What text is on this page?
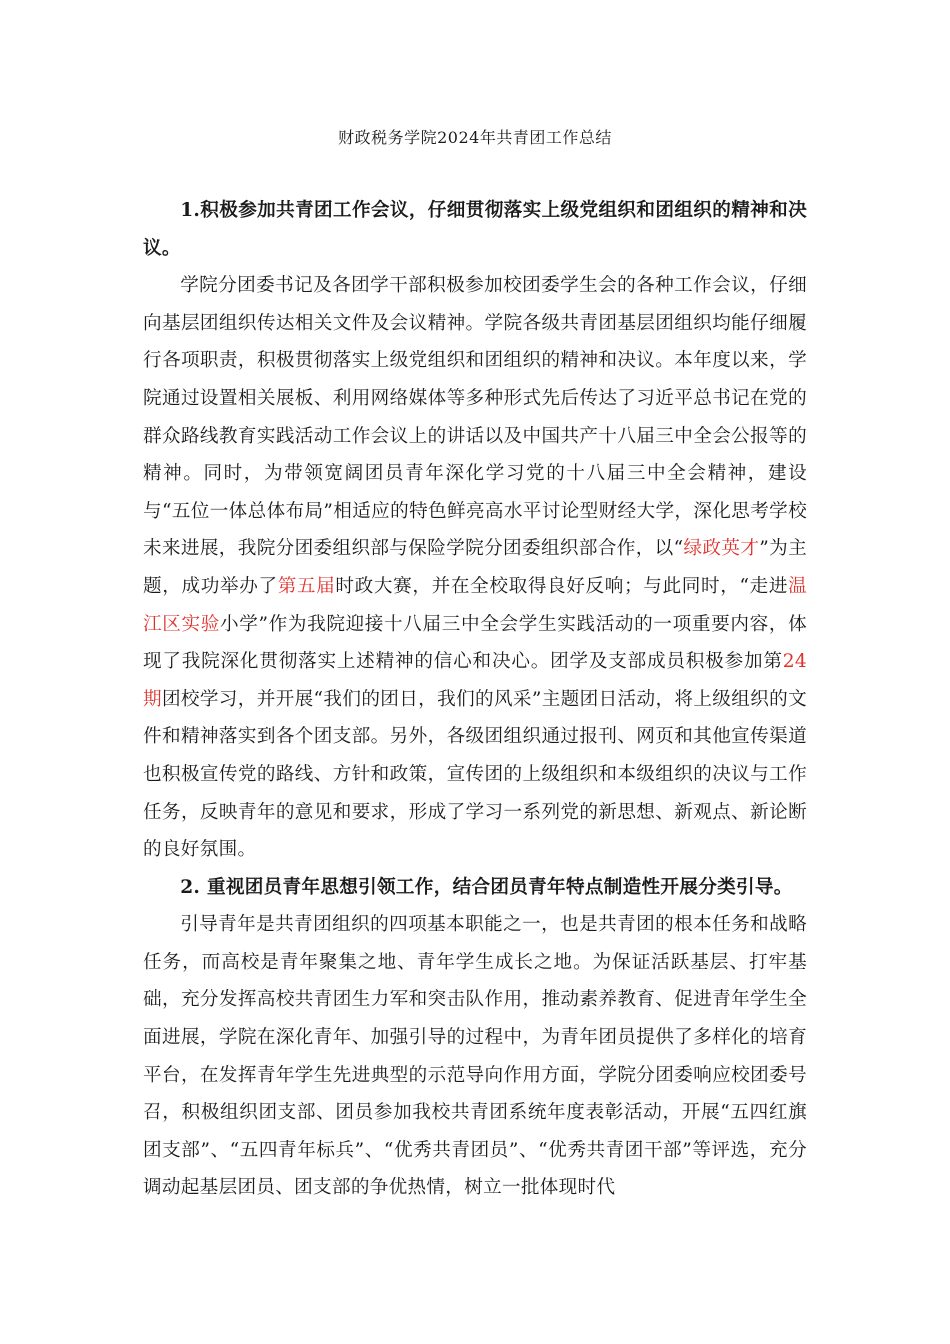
财政税务学院2024年共青团工作总结

1.积极参加共青团工作会议，仔细贯彻落实上级党组织和团组织的精神和决议。

学院分团委书记及各团学干部积极参加校团委学生会的各种工作会议，仔细向基层团组织传达相关文件及会议精神。学院各级共青团基层团组织均能仔细履行各项职责，积极贯彻落实上级党组织和团组织的精神和决议。本年度以来，学院通过设置相关展板、利用网络媒体等多种形式先后传达了习近平总书记在党的群众路线教育实践活动工作会议上的讲话以及中国共产十八届三中全会公报等的精神。同时，为带领宽阔团员青年深化学习党的十八届三中全会精神，建设与“五位一体总体布局”相适应的特色鲜亮高水平讨论型财经大学，深化思考学校未来进展，我院分团委组织部与保险学院分团委组织部合作，以“绿政英才”为主题，成功举办了第五届时政大赛，并在全校取得良好反响；与此同时，“走进温江区实验小学”作为我院迎接十八届三中全会学生实践活动的一项重要内容，体现了我院深化贯彻落实上述精神的信心和决心。团学及支部成员积极参加第24期团校学习，并开展“我们的团日，我们的风采”主题团日活动，将上级组织的文件和精神落实到各个团支部。另外，各级团组织通过报刊、网页和其他宣传渠道也积极宣传党的路线、方针和政策，宣传团的上级组织和本级组织的决议与工作任务，反映青年的意见和要求，形成了学习一系列党的新思想、新观点、新论断的良好氛围。

2. 重视团员青年思想引领工作，结合团员青年特点制造性开展分类引导。

引导青年是共青团组织的四项基本职能之一，也是共青团的根本任务和战略任务，而高校是青年聚集之地、青年学生成长之地。为保证活跃基层、打牢基础，充分发挥高校共青团生力军和突击队作用，推动素养教育、促进青年学生全面进展，学院在深化青年、加强引导的过程中，为青年团员提供了多样化的培育平台，在发挥青年学生先进典型的示范导向作用方面，学院分团委响应校团委号召，积极组织团支部、团员参加我校共青团系统年度表彰活动，开展“五四红旗团支部”、“五四青年标兵”、“优秀共青团员”、“优秀共青团干部”等评选，充分调动起基层团员、团支部的争优热情，树立一批体现时代
